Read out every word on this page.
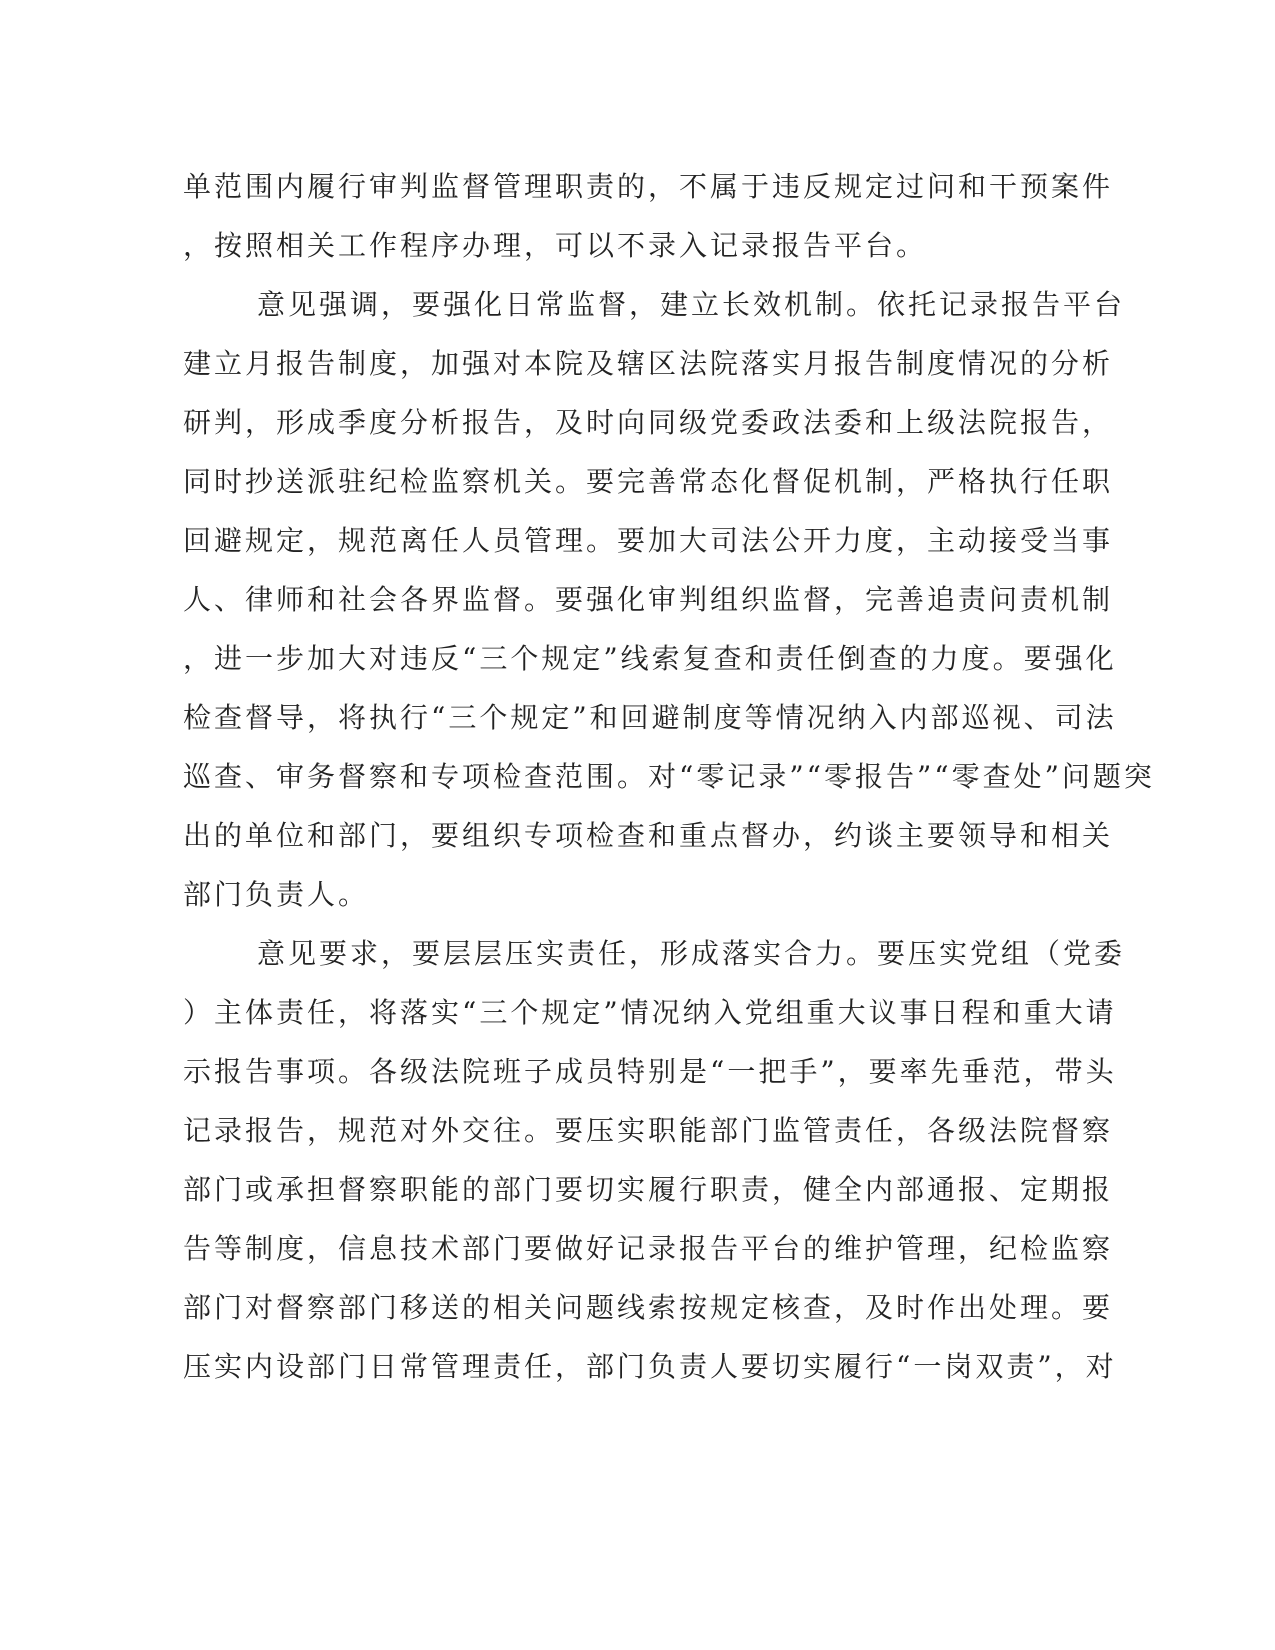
单范围内履行审判监督管理职责的，不属于违反规定过问和干预案件
，按照相关工作程序办理，可以不录入记录报告平台。
意见强调，要强化日常监督，建立长效机制。依托记录报告平台
建立月报告制度，加强对本院及辖区法院落实月报告制度情况的分析
研判，形成季度分析报告，及时向同级党委政法委和上级法院报告，
同时抄送派驻纪检监察机关。要完善常态化督促机制，严格执行任职
回避规定，规范离任人员管理。要加大司法公开力度，主动接受当事
人、律师和社会各界监督。要强化审判组织监督，完善追责问责机制
，进一步加大对违反“三个规定”线索复查和责任倒查的力度。要强化
检查督导，将执行“三个规定”和回避制度等情况纳入内部巡视、司法
巡查、审务督察和专项检查范围。对“零记录”“零报告”“零查处”问题突
出的单位和部门，要组织专项检查和重点督办，约谈主要领导和相关
部门负责人。
意见要求，要层层压实责任，形成落实合力。要压实党组（党委
）主体责任，将落实“三个规定”情况纳入党组重大议事日程和重大请
示报告事项。各级法院班子成员特别是“一把手”，要率先垂范，带头
记录报告，规范对外交往。要压实职能部门监管责任，各级法院督察
部门或承担督察职能的部门要切实履行职责，健全内部通报、定期报
告等制度，信息技术部门要做好记录报告平台的维护管理，纪检监察
部门对督察部门移送的相关问题线索按规定核查，及时作出处理。要
压实内设部门日常管理责任，部门负责人要切实履行“一岗双责”，对
